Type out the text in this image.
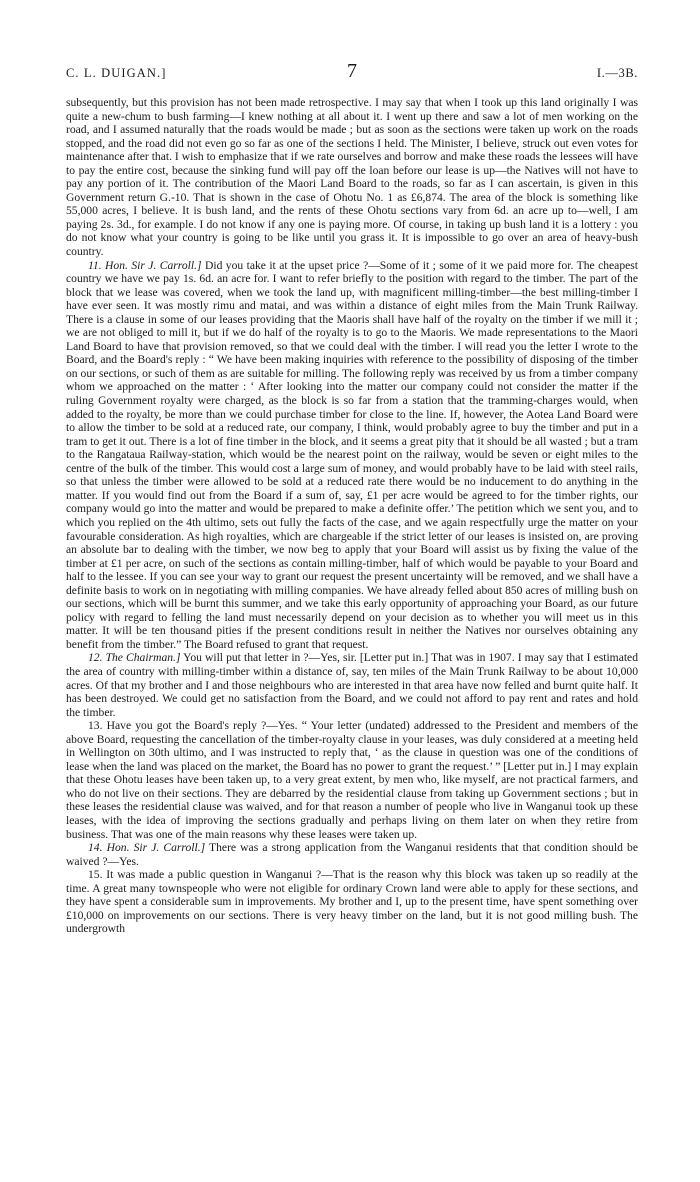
C. L. DUIGAN.]	7	I.—3B.

subsequently, but this provision has not been made retrospective. I may say that when I took up this land originally I was quite a new-chum to bush farming—I knew nothing at all about it. I went up there and saw a lot of men working on the road, and I assumed naturally that the roads would be made ; but as soon as the sections were taken up work on the roads stopped, and the road did not even go so far as one of the sections I held. The Minister, I believe, struck out even votes for maintenance after that. I wish to emphasize that if we rate ourselves and borrow and make these roads the lessees will have to pay the entire cost, because the sinking fund will pay off the loan before our lease is up—the Natives will not have to pay any portion of it. The contribution of the Maori Land Board to the roads, so far as I can ascertain, is given in this Government return G.-10. That is shown in the case of Ohotu No. 1 as £6,874. The area of the block is something like 55,000 acres, I believe. It is bush land, and the rents of these Ohotu sections vary from 6d. an acre up to—well, I am paying 2s. 3d., for example. I do not know if any one is paying more. Of course, in taking up bush land it is a lottery : you do not know what your country is going to be like until you grass it. It is impossible to go over an area of heavy-bush country.

11. Hon. Sir J. Carroll.] Did you take it at the upset price ?—Some of it ; some of it we paid more for. The cheapest country we have we pay 1s. 6d. an acre for. I want to refer briefly to the position with regard to the timber. The part of the block that we lease was covered, when we took the land up, with magnificent milling-timber—the best milling-timber I have ever seen. It was mostly rimu and matai, and was within a distance of eight miles from the Main Trunk Railway. There is a clause in some of our leases providing that the Maoris shall have half of the royalty on the timber if we mill it ; we are not obliged to mill it, but if we do half of the royalty is to go to the Maoris. We made representations to the Maori Land Board to have that provision removed, so that we could deal with the timber. I will read you the letter I wrote to the Board, and the Board's reply : “ We have been making inquiries with reference to the possibility of disposing of the timber on our sections, or such of them as are suitable for milling. The following reply was received by us from a timber company whom we approached on the matter : ‘ After looking into the matter our company could not consider the matter if the ruling Government royalty were charged, as the block is so far from a station that the tramming-charges would, when added to the royalty, be more than we could purchase timber for close to the line. If, however, the Aotea Land Board were to allow the timber to be sold at a reduced rate, our company, I think, would probably agree to buy the timber and put in a tram to get it out. There is a lot of fine timber in the block, and it seems a great pity that it should be all wasted ; but a tram to the Rangataua Railway-station, which would be the nearest point on the railway, would be seven or eight miles to the centre of the bulk of the timber. This would cost a large sum of money, and would probably have to be laid with steel rails, so that unless the timber were allowed to be sold at a reduced rate there would be no inducement to do anything in the matter. If you would find out from the Board if a sum of, say, £1 per acre would be agreed to for the timber rights, our company would go into the matter and would be prepared to make a definite offer.’ The petition which we sent you, and to which you replied on the 4th ultimo, sets out fully the facts of the case, and we again respectfully urge the matter on your favourable consideration. As high royalties, which are chargeable if the strict letter of our leases is insisted on, are proving an absolute bar to dealing with the timber, we now beg to apply that your Board will assist us by fixing the value of the timber at £1 per acre, on such of the sections as contain milling-timber, half of which would be payable to your Board and half to the lessee. If you can see your way to grant our request the present uncertainty will be removed, and we shall have a definite basis to work on in negotiating with milling companies. We have already felled about 850 acres of milling bush on our sections, which will be burnt this summer, and we take this early opportunity of approaching your Board, as our future policy with regard to felling the land must necessarily depend on your decision as to whether you will meet us in this matter. It will be ten thousand pities if the present conditions result in neither the Natives nor ourselves obtaining any benefit from the timber.” The Board refused to grant that request.

12. The Chairman.] You will put that letter in ?—Yes, sir. [Letter put in.] That was in 1907. I may say that I estimated the area of country with milling-timber within a distance of, say, ten miles of the Main Trunk Railway to be about 10,000 acres. Of that my brother and I and those neighbours who are interested in that area have now felled and burnt quite half. It has been destroyed. We could get no satisfaction from the Board, and we could not afford to pay rent and rates and hold the timber.

13. Have you got the Board's reply ?—Yes. “ Your letter (undated) addressed to the President and members of the above Board, requesting the cancellation of the timber-royalty clause in your leases, was duly considered at a meeting held in Wellington on 30th ultimo, and I was instructed to reply that, ‘ as the clause in question was one of the conditions of lease when the land was placed on the market, the Board has no power to grant the request.’ ” [Letter put in.] I may explain that these Ohotu leases have been taken up, to a very great extent, by men who, like myself, are not practical farmers, and who do not live on their sections. They are debarred by the residential clause from taking up Government sections ; but in these leases the residential clause was waived, and for that reason a number of people who live in Wanganui took up these leases, with the idea of improving the sections gradually and perhaps living on them later on when they retire from business. That was one of the main reasons why these leases were taken up.

14. Hon. Sir J. Carroll.] There was a strong application from the Wanganui residents that that condition should be waived ?—Yes.

15. It was made a public question in Wanganui ?—That is the reason why this block was taken up so readily at the time. A great many townspeople who were not eligible for ordinary Crown land were able to apply for these sections, and they have spent a considerable sum in improvements. My brother and I, up to the present time, have spent something over £10,000 on improvements on our sections. There is very heavy timber on the land, but it is not good milling bush. The undergrowth
